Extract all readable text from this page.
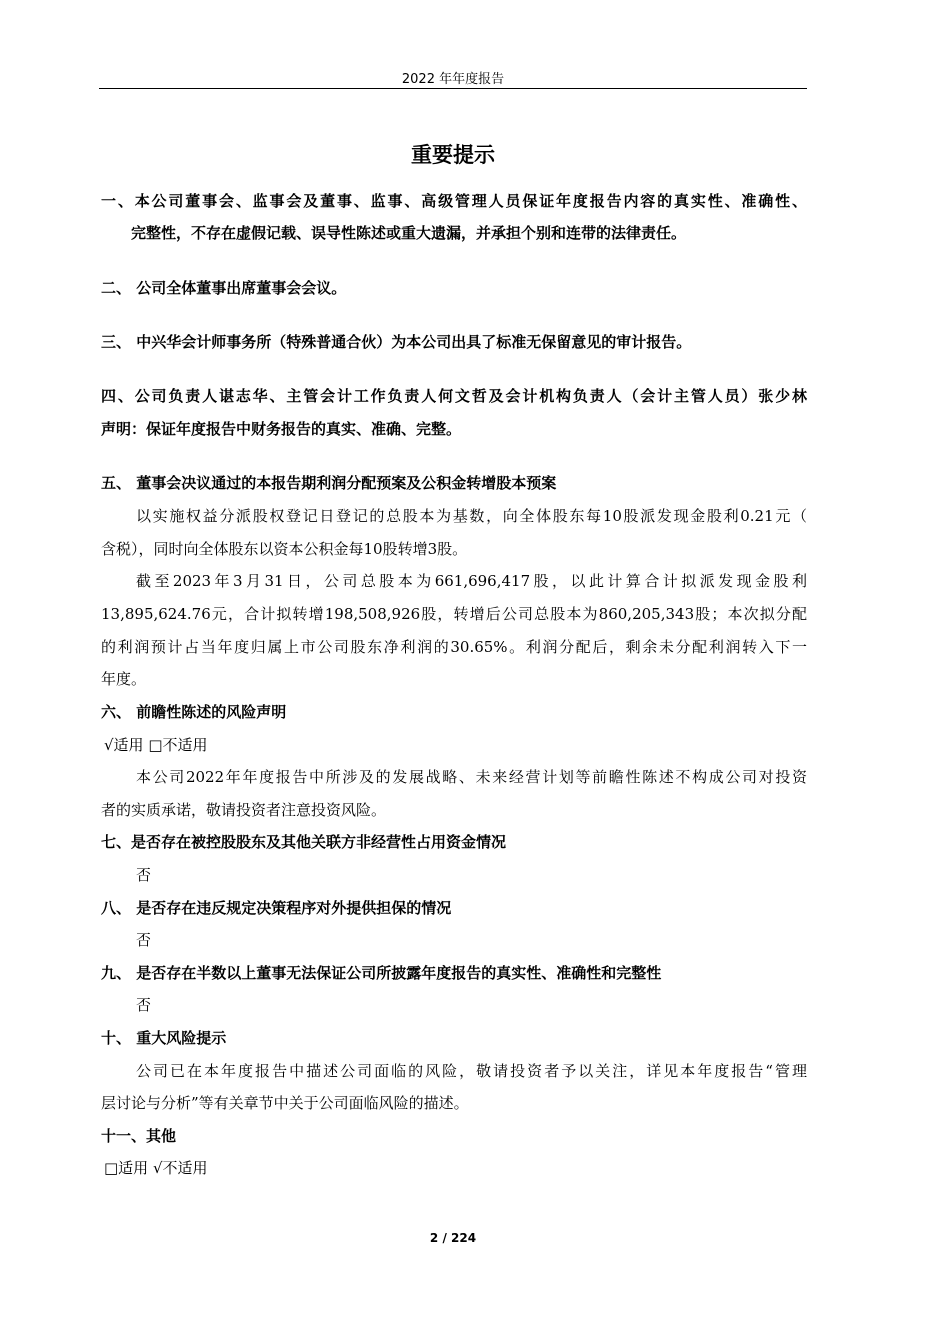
2022 年年度报告
重要提示
一、本公司董事会、监事会及董事、监事、高级管理人员保证年度报告内容的真实性、准确性、
完整性，不存在虚假记载、误导性陈述或重大遗漏，并承担个别和连带的法律责任。
二、 公司全体董事出席董事会会议。
三、 中兴华会计师事务所（特殊普通合伙）为本公司出具了标准无保留意见的审计报告。
四、公司负责人谌志华、主管会计工作负责人何文哲及会计机构负责人（会计主管人员）张少林
声明：保证年度报告中财务报告的真实、准确、完整。
五、 董事会决议通过的本报告期利润分配预案及公积金转增股本预案
以实施权益分派股权登记日登记的总股本为基数，向全体股东每10股派发现金股利0.21元（
含税），同时向全体股东以资本公积金每10股转增3股。
截至2023年3月31日，公司总股本为661,696,417股，以此计算合计拟派发现金股利
13,895,624.76元，合计拟转增198,508,926股，转增后公司总股本为860,205,343股；本次拟分配
的利润预计占当年度归属上市公司股东净利润的30.65%。利润分配后，剩余未分配利润转入下一
年度。
六、 前瞻性陈述的风险声明
√适用 □不适用
本公司2022年年度报告中所涉及的发展战略、未来经营计划等前瞻性陈述不构成公司对投资
者的实质承诺，敬请投资者注意投资风险。
七、是否存在被控股股东及其他关联方非经营性占用资金情况
否
八、 是否存在违反规定决策程序对外提供担保的情况
否
九、 是否存在半数以上董事无法保证公司所披露年度报告的真实性、准确性和完整性
否
十、 重大风险提示
公司已在本年度报告中描述公司面临的风险，敬请投资者予以关注，详见本年度报告“管理
层讨论与分析”等有关章节中关于公司面临风险的描述。
十一、其他
□适用 √不适用
2 / 224
